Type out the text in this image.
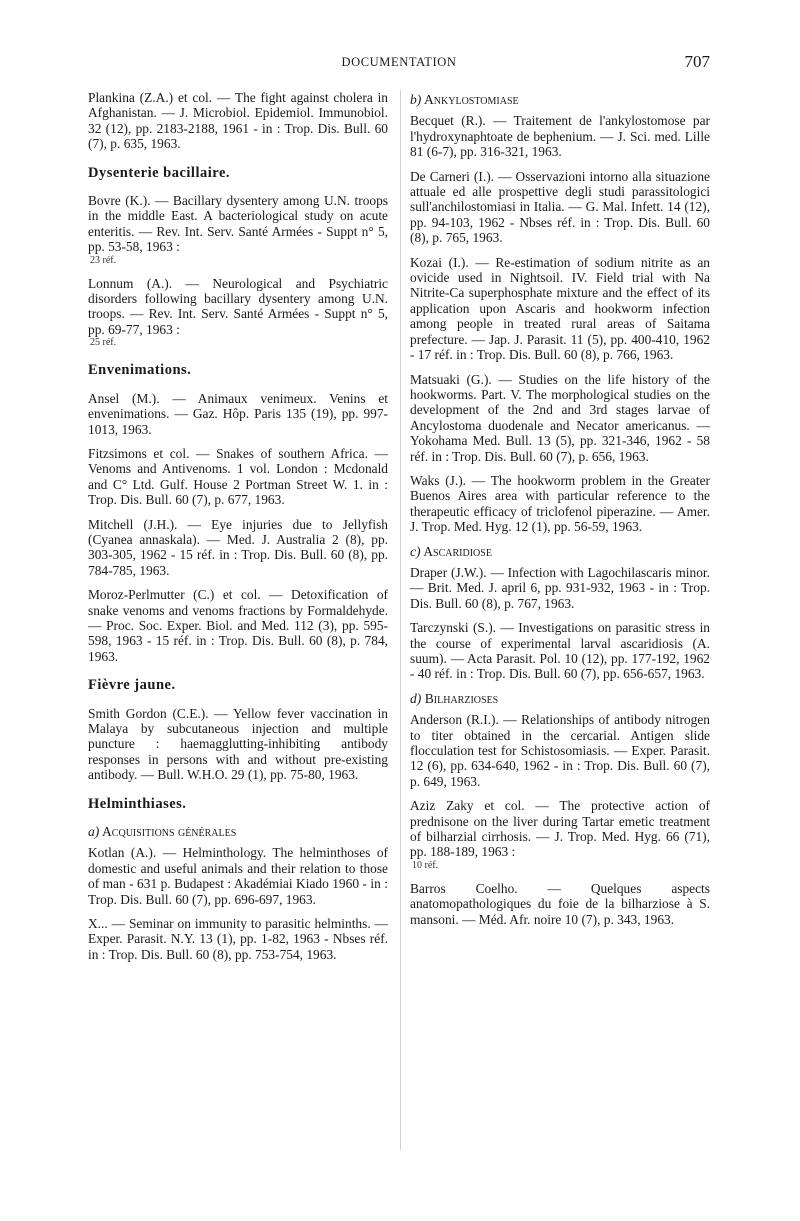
DOCUMENTATION	707
Plankina (Z.A.) et col. — The fight against cholera in Afghanistan. — J. Microbiol. Epidemiol. Immunobiol. 32 (12), pp. 2183-2188, 1961 - in : Trop. Dis. Bull. 60 (7), p. 635, 1963.
Dysenterie bacillaire.
Bovre (K.). — Bacillary dysentery among U.N. troops in the middle East. A bacteriological study on acute enteritis. — Rev. Int. Serv. Santé Armées - Suppt n° 5, pp. 53-58, 1963 :
23 réf.
Lonnum (A.). — Neurological and Psychiatric disorders following bacillary dysentery among U.N. troops. — Rev. Int. Serv. Santé Armées - Suppt n° 5, pp. 69-77, 1963 :
25 réf.
Envenimations.
Ansel (M.). — Animaux venimeux. Venins et envenimations. — Gaz. Hôp. Paris 135 (19), pp. 997-1013, 1963.
Fitzsimons et col. — Snakes of southern Africa. — Venoms and Antivenoms. 1 vol. London : Mcdonald and C° Ltd. Gulf. House 2 Portman Street W. 1. in : Trop. Dis. Bull. 60 (7), p. 677, 1963.
Mitchell (J.H.). — Eye injuries due to Jellyfish (Cyanea annaskala). — Med. J. Australia 2 (8), pp. 303-305, 1962 - 15 réf. in : Trop. Dis. Bull. 60 (8), pp. 784-785, 1963.
Moroz-Perlmutter (C.) et col. — Detoxification of snake venoms and venoms fractions by Formaldehyde. — Proc. Soc. Exper. Biol. and Med. 112 (3), pp. 595-598, 1963 - 15 réf. in : Trop. Dis. Bull. 60 (8), p. 784, 1963.
Fièvre jaune.
Smith Gordon (C.E.). — Yellow fever vaccination in Malaya by subcutaneous injection and multiple puncture : haemagglutting-inhibiting antibody responses in persons with and without pre-existing antibody. — Bull. W.H.O. 29 (1), pp. 75-80, 1963.
Helminthiases.
a) Acquisitions générales
Kotlan (A.). — Helminthology. The helminthoses of domestic and useful animals and their relation to those of man - 631 p. Budapest : Akadémiai Kiado 1960 - in : Trop. Dis. Bull. 60 (7), pp. 696-697, 1963.
X... — Seminar on immunity to parasitic helminths. — Exper. Parasit. N.Y. 13 (1), pp. 1-82, 1963 - Nbses réf. in : Trop. Dis. Bull. 60 (8), pp. 753-754, 1963.
b) Ankylostomiase
Becquet (R.). — Traitement de l'ankylostomose par l'hydroxynaphtoate de bephenium. — J. Sci. med. Lille 81 (6-7), pp. 316-321, 1963.
De Carneri (I.). — Osservazioni intorno alla situazione attuale ed alle prospettive degli studi parassitologici sull'anchilostomiasi in Italia. — G. Mal. Infett. 14 (12), pp. 94-103, 1962 - Nbses réf. in : Trop. Dis. Bull. 60 (8), p. 765, 1963.
Kozai (I.). — Re-estimation of sodium nitrite as an ovicide used in Nightsoil. IV. Field trial with Na Nitrite-Ca superphosphate mixture and the effect of its application upon Ascaris and hookworm infection among people in treated rural areas of Saitama prefecture. — Jap. J. Parasit. 11 (5), pp. 400-410, 1962 - 17 réf. in : Trop. Dis. Bull. 60 (8), p. 766, 1963.
Matsuaki (G.). — Studies on the life history of the hookworms. Part. V. The morphological studies on the development of the 2nd and 3rd stages larvae of Ancylostoma duodenale and Necator americanus. — Yokohama Med. Bull. 13 (5), pp. 321-346, 1962 - 58 réf. in : Trop. Dis. Bull. 60 (7), p. 656, 1963.
Waks (J.). — The hookworm problem in the Greater Buenos Aires area with particular reference to the therapeutic efficacy of triclofenol piperazine. — Amer. J. Trop. Med. Hyg. 12 (1), pp. 56-59, 1963.
c) Ascaridiose
Draper (J.W.). — Infection with Lagochilascaris minor. — Brit. Med. J. april 6, pp. 931-932, 1963 - in : Trop. Dis. Bull. 60 (8), p. 767, 1963.
Tarczynski (S.). — Investigations on parasitic stress in the course of experimental larval ascaridiosis (A. suum). — Acta Parasit. Pol. 10 (12), pp. 177-192, 1962 - 40 réf. in : Trop. Dis. Bull. 60 (7), pp. 656-657, 1963.
d) Bilharzioses
Anderson (R.I.). — Relationships of antibody nitrogen to titer obtained in the cercarial. Antigen slide flocculation test for Schistosomiasis. — Exper. Parasit. 12 (6), pp. 634-640, 1962 - in : Trop. Dis. Bull. 60 (7), p. 649, 1963.
Aziz Zaky et col. — The protective action of prednisone on the liver during Tartar emetic treatment of bilharzial cirrhosis. — J. Trop. Med. Hyg. 66 (71), pp. 188-189, 1963 :
10 réf.
Barros Coelho. — Quelques aspects anatomopathologiques du foie de la bilharziose à S. mansoni. — Méd. Afr. noire 10 (7), p. 343, 1963.
